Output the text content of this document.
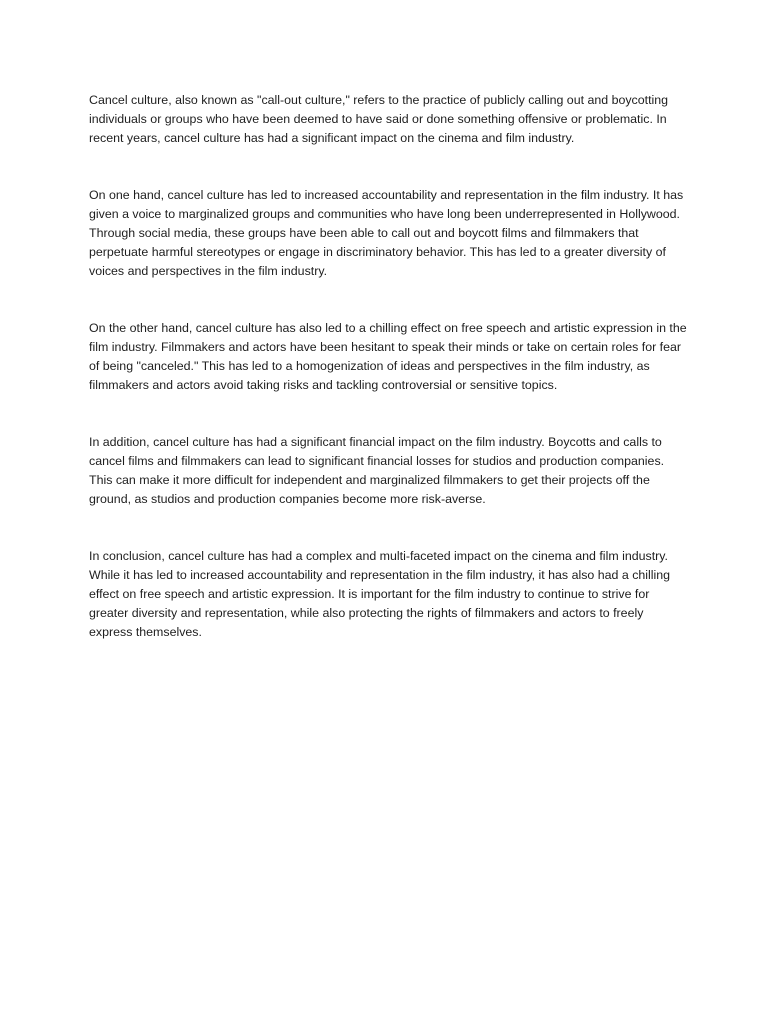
Cancel culture, also known as "call-out culture," refers to the practice of publicly calling out and boycotting individuals or groups who have been deemed to have said or done something offensive or problematic. In recent years, cancel culture has had a significant impact on the cinema and film industry.

On one hand, cancel culture has led to increased accountability and representation in the film industry. It has given a voice to marginalized groups and communities who have long been underrepresented in Hollywood. Through social media, these groups have been able to call out and boycott films and filmmakers that perpetuate harmful stereotypes or engage in discriminatory behavior. This has led to a greater diversity of voices and perspectives in the film industry.

On the other hand, cancel culture has also led to a chilling effect on free speech and artistic expression in the film industry. Filmmakers and actors have been hesitant to speak their minds or take on certain roles for fear of being "canceled." This has led to a homogenization of ideas and perspectives in the film industry, as filmmakers and actors avoid taking risks and tackling controversial or sensitive topics.

In addition, cancel culture has had a significant financial impact on the film industry. Boycotts and calls to cancel films and filmmakers can lead to significant financial losses for studios and production companies. This can make it more difficult for independent and marginalized filmmakers to get their projects off the ground, as studios and production companies become more risk-averse.

In conclusion, cancel culture has had a complex and multi-faceted impact on the cinema and film industry. While it has led to increased accountability and representation in the film industry, it has also had a chilling effect on free speech and artistic expression. It is important for the film industry to continue to strive for greater diversity and representation, while also protecting the rights of filmmakers and actors to freely express themselves.
